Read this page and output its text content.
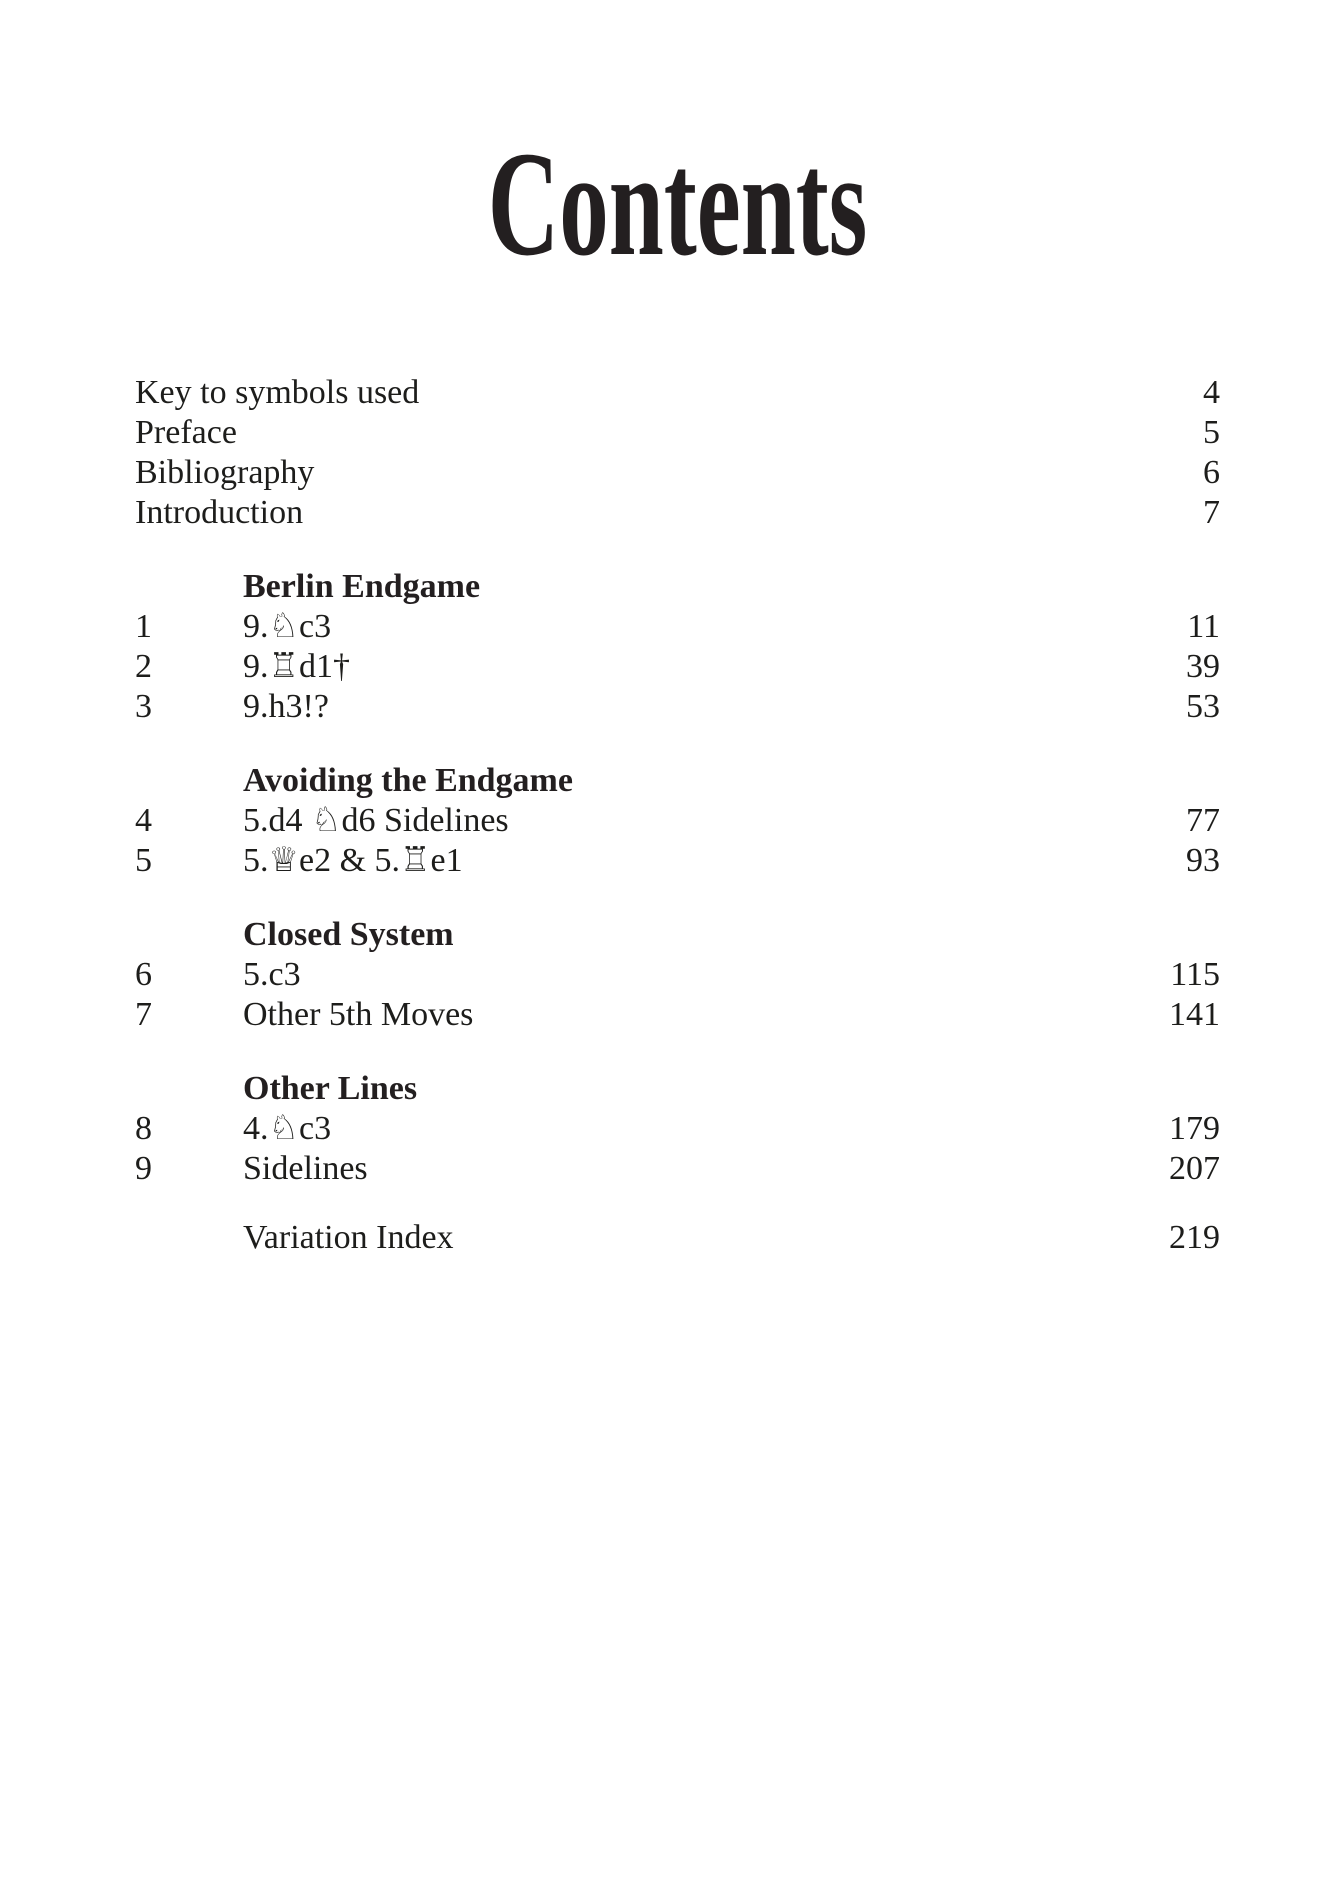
Contents
Key to symbols used	4
Preface	5
Bibliography	6
Introduction	7
Berlin Endgame
1	9.♘c3	11
2	9.♖d1†	39
3	9.h3!?	53
Avoiding the Endgame
4	5.d4 ♘d6 Sidelines	77
5	5.♕e2 & 5.♖e1	93
Closed System
6	5.c3	115
7	Other 5th Moves	141
Other Lines
8	4.♘c3	179
9	Sidelines	207
Variation Index	219
